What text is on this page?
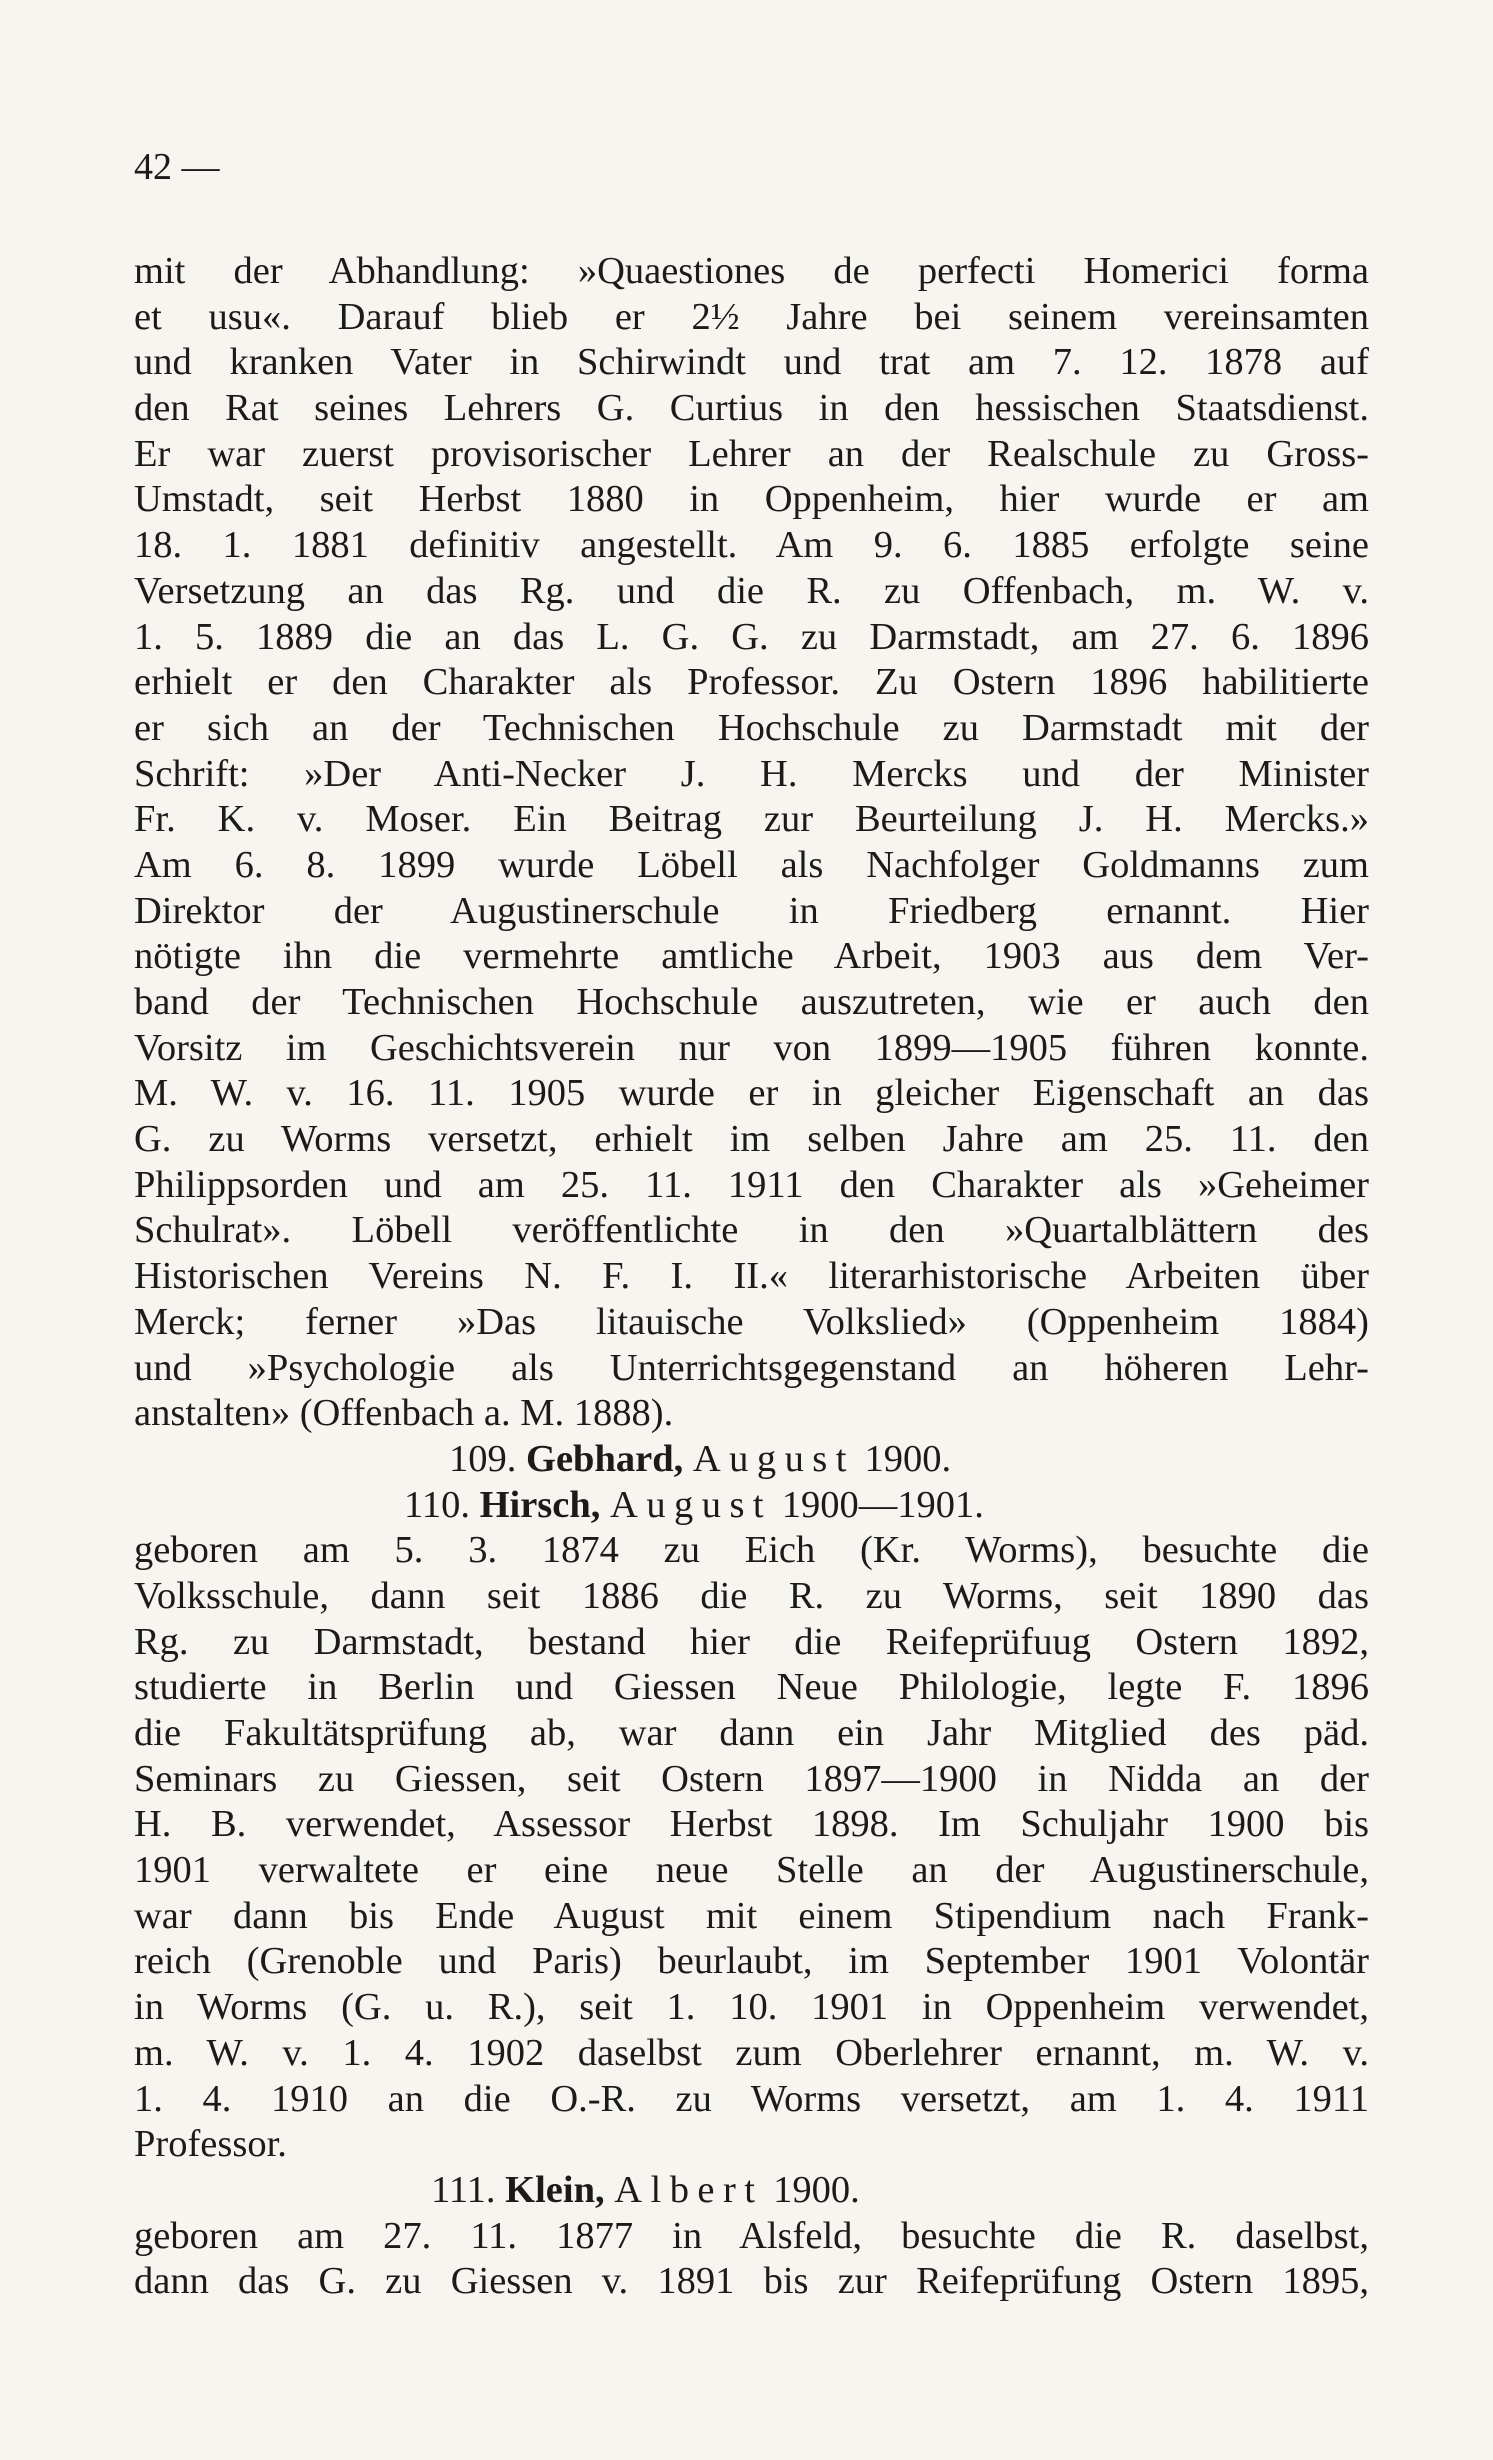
42 —
mit der Abhandlung: »Quaestiones de perfecti Homerici forma
et usu«. Darauf blieb er 2½ Jahre bei seinem vereinsamten
und kranken Vater in Schirwindt und trat am 7. 12. 1878 auf
den Rat seines Lehrers G. Curtius in den hessischen Staatsdienst.
Er war zuerst provisorischer Lehrer an der Realschule zu Gross-
Umstadt, seit Herbst 1880 in Oppenheim, hier wurde er am
18. 1. 1881 definitiv angestellt. Am 9. 6. 1885 erfolgte seine
Versetzung an das Rg. und die R. zu Offenbach, m. W. v.
1. 5. 1889 die an das L. G. G. zu Darmstadt, am 27. 6. 1896
erhielt er den Charakter als Professor. Zu Ostern 1896 habilitierte
er sich an der Technischen Hochschule zu Darmstadt mit der
Schrift: »Der Anti-Necker J. H. Mercks und der Minister
Fr. K. v. Moser. Ein Beitrag zur Beurteilung J. H. Mercks.»
Am 6. 8. 1899 wurde Löbell als Nachfolger Goldmanns zum
Direktor der Augustinerschule in Friedberg ernannt. Hier
nötigte ihn die vermehrte amtliche Arbeit, 1903 aus dem Ver-
band der Technischen Hochschule auszutreten, wie er auch den
Vorsitz im Geschichtsverein nur von 1899—1905 führen konnte.
M. W. v. 16. 11. 1905 wurde er in gleicher Eigenschaft an das
G. zu Worms versetzt, erhielt im selben Jahre am 25. 11. den
Philippsorden und am 25. 11. 1911 den Charakter als »Geheimer
Schulrat». Löbell veröffentlichte in den »Quartalblättern des
Historischen Vereins N. F. I. II.« literarhistorische Arbeiten über
Merck; ferner »Das litauische Volkslied» (Oppenheim 1884)
und »Psychologie als Unterrichtsgegenstand an höheren Lehr-
anstalten» (Offenbach a. M. 1888).
109. Gebhard, August 1900.
110. Hirsch, August 1900—1901.
geboren am 5. 3. 1874 zu Eich (Kr. Worms), besuchte die
Volksschule, dann seit 1886 die R. zu Worms, seit 1890 das
Rg. zu Darmstadt, bestand hier die Reifeprüfuug Ostern 1892,
studierte in Berlin und Giessen Neue Philologie, legte F. 1896
die Fakultätsprüfung ab, war dann ein Jahr Mitglied des päd.
Seminars zu Giessen, seit Ostern 1897—1900 in Nidda an der
H. B. verwendet, Assessor Herbst 1898. Im Schuljahr 1900 bis
1901 verwaltete er eine neue Stelle an der Augustinerschule,
war dann bis Ende August mit einem Stipendium nach Frank-
reich (Grenoble und Paris) beurlaubt, im September 1901 Volontär
in Worms (G. u. R.), seit 1. 10. 1901 in Oppenheim verwendet,
m. W. v. 1. 4. 1902 daselbst zum Oberlehrer ernannt, m. W. v.
1. 4. 1910 an die O.-R. zu Worms versetzt, am 1. 4. 1911
Professor.
111. Klein, Albert 1900.
geboren am 27. 11. 1877 in Alsfeld, besuchte die R. daselbst,
dann das G. zu Giessen v. 1891 bis zur Reifeprüfung Ostern 1895,
